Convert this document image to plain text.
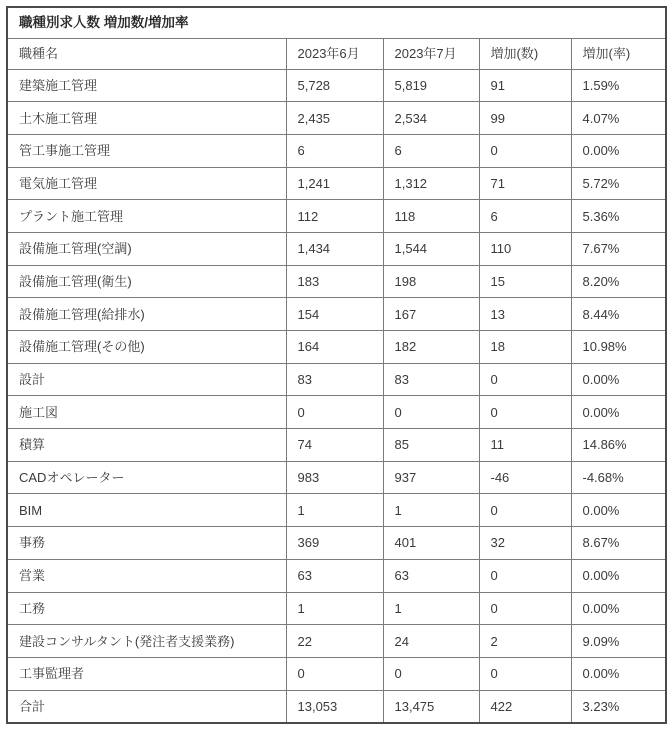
職種別求人数 増加数/増加率				
職種名	2023年6月	2023年7月	増加(数)	増加(率)
建築施工管理	5,728	5,819	91	1.59%
土木施工管理	2,435	2,534	99	4.07%
管工事施工管理	6	6	0	0.00%
電気施工管理	1,241	1,312	71	5.72%
プラント施工管理	112	118	6	5.36%
設備施工管理(空調)	1,434	1,544	110	7.67%
設備施工管理(衛生)	183	198	15	8.20%
設備施工管理(給排水)	154	167	13	8.44%
設備施工管理(その他)	164	182	18	10.98%
設計	83	83	0	0.00%
施工図	0	0	0	0.00%
積算	74	85	11	14.86%
CADオペレーター	983	937	-46	-4.68%
BIM	1	1	0	0.00%
事務	369	401	32	8.67%
営業	63	63	0	0.00%
工務	1	1	0	0.00%
建設コンサルタント(発注者支援業務)	22	24	2	9.09%
工事監理者	0	0	0	0.00%
合計	13,053	13,475	422	3.23%
